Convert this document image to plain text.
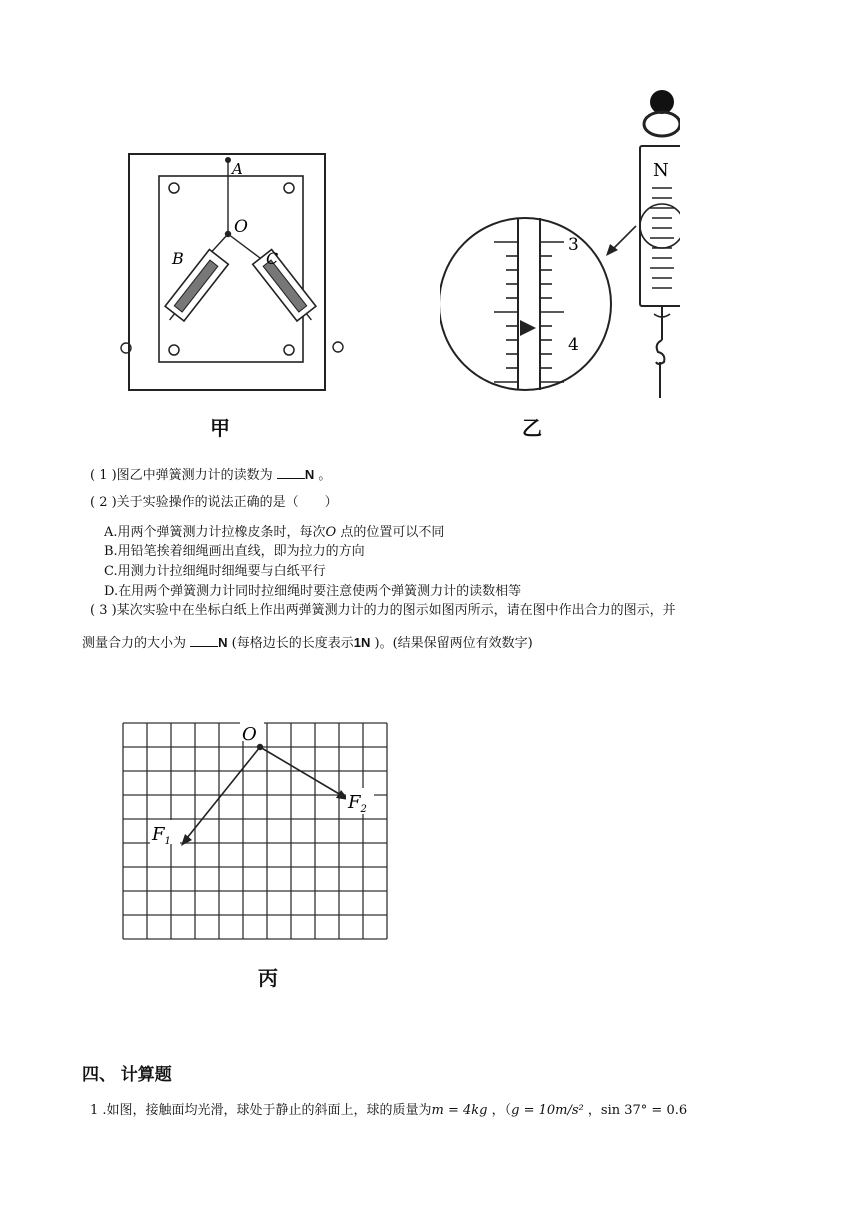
A
O
B	C
甲
3
4
N
乙
( 1 )图乙中弹簧测力计的读数为 N 。
( 2 )关于实验操作的说法正确的是（　　）
A.用两个弹簧测力计拉橡皮条时，每次O 点的位置可以不同
B.用铅笔挨着细绳画出直线，即为拉力的方向
C.用测力计拉细绳时细绳要与白纸平行
D.在用两个弹簧测力计同时拉细绳时要注意使两个弹簧测力计的读数相等
( 3 )某次实验中在坐标白纸上作出两弹簧测力计的力的图示如图丙所示，请在图中作出合力的图示，并
测量合力的大小为 N (每格边长的长度表示1N )。(结果保留两位有效数字)
O
$F_1$
$F_2$
丙
四、 计算题
1 .如图，接触面均光滑，球处于静止的斜面上，球的质量为m = 4kg ，（g = 10m/s² ，sin 37° = 0.6
